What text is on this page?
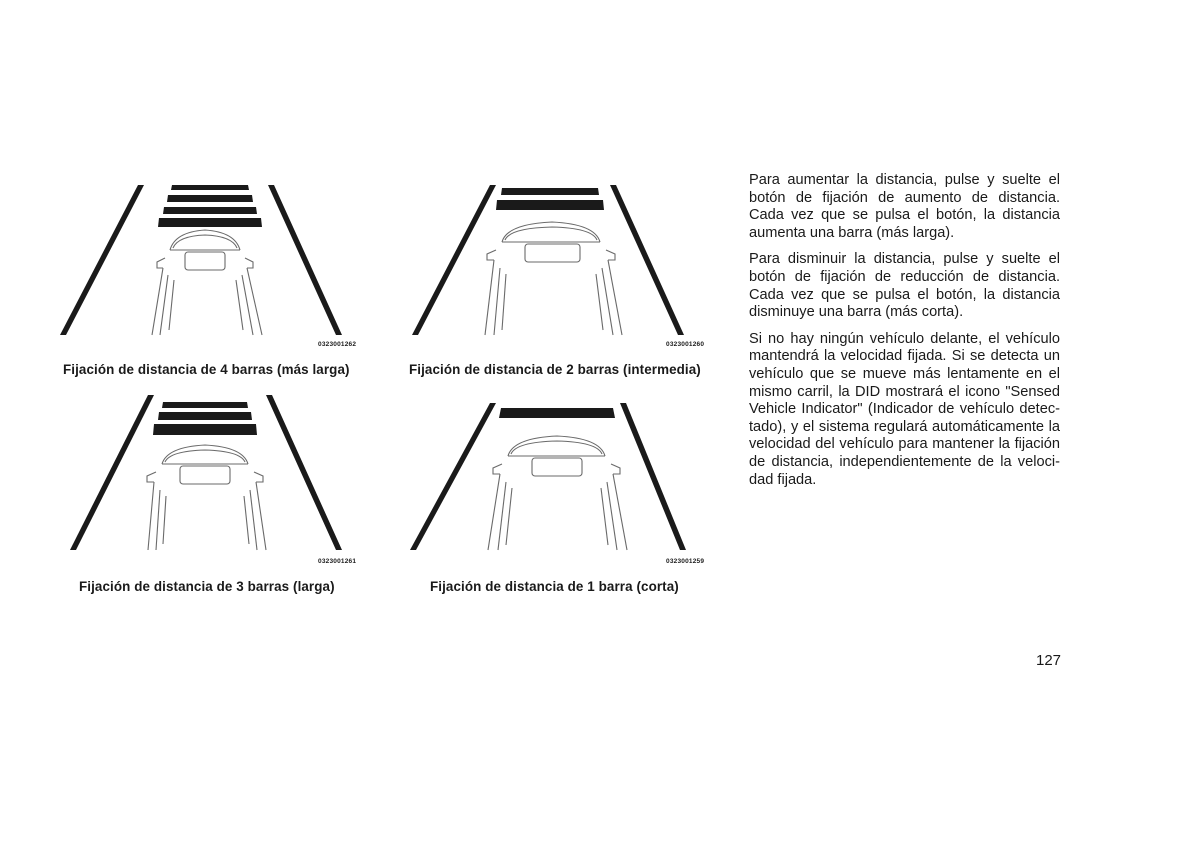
0323001262
Fijación de distancia de 4 barras (más larga)
0323001260
Fijación de distancia de 2 barras (intermedia)
0323001261
Fijación de distancia de 3 barras (larga)
0323001259
Fijación de distancia de 1 barra (corta)

Para aumentar la distancia, pulse y suelte el botón de fijación de aumento de distancia. Cada vez que se pulsa el botón, la distancia aumenta una barra (más larga).

Para disminuir la distancia, pulse y suelte el botón de fijación de reducción de distancia. Cada vez que se pulsa el botón, la distancia disminuye una barra (más corta).

Si no hay ningún vehículo delante, el vehículo mantendrá la velocidad fijada. Si se detecta un vehículo que se mueve más lentamente en el mismo carril, la DID mostrará el icono "Sensed Vehicle Indicator" (Indicador de vehículo detectado), y el sistema regulará automáticamente la velocidad del vehículo para mantener la fijación de distancia, independientemente de la velocidad fijada.

127
